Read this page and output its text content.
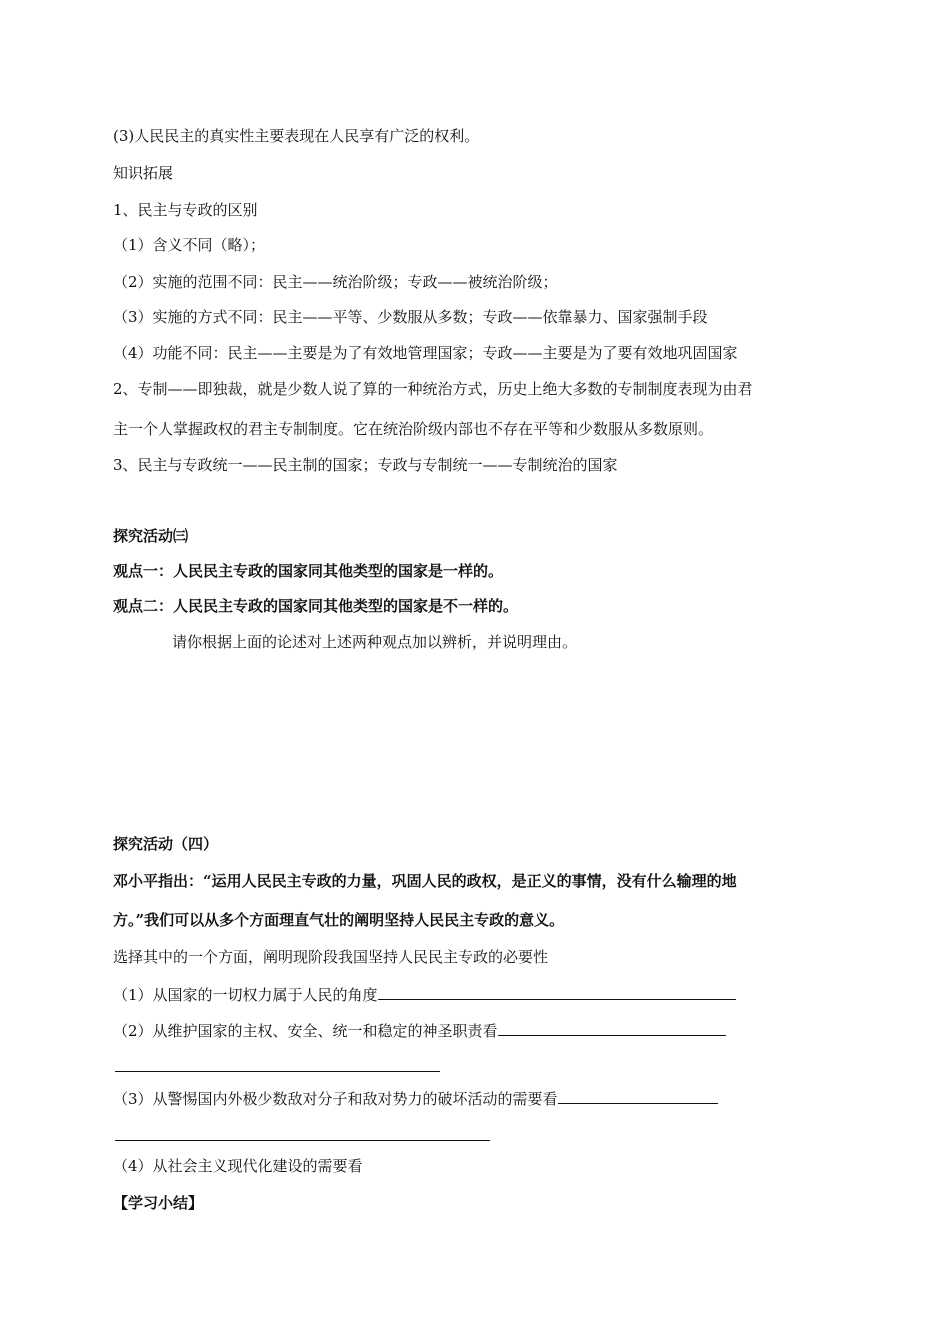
(3)人民民主的真实性主要表现在人民享有广泛的权利。
知识拓展
1、民主与专政的区别
（1）含义不同（略）；
（2）实施的范围不同：民主——统治阶级；专政——被统治阶级；
（3）实施的方式不同：民主——平等、少数服从多数；专政——依靠暴力、国家强制手段
（4）功能不同：民主——主要是为了有效地管理国家；专政——主要是为了要有效地巩固国家
2、专制——即独裁，就是少数人说了算的一种统治方式，历史上绝大多数的专制制度表现为由君
主一个人掌握政权的君主专制制度。它在统治阶级内部也不存在平等和少数服从多数原则。
3、民主与专政统一——民主制的国家；专政与专制统一——专制统治的国家
探究活动㈢
观点一：人民民主专政的国家同其他类型的国家是一样的。
观点二：人民民主专政的国家同其他类型的国家是不一样的。
请你根据上面的论述对上述两种观点加以辨析，并说明理由。
探究活动（四）
邓小平指出：“运用人民民主专政的力量，巩固人民的政权，是正义的事情，没有什么输理的地
方。”我们可以从多个方面理直气壮的阐明坚持人民民主专政的意义。
选择其中的一个方面，阐明现阶段我国坚持人民民主专政的必要性
（1）从国家的一切权力属于人民的角度
（2）从维护国家的主权、安全、统一和稳定的神圣职责看
（3）从警惕国内外极少数敌对分子和敌对势力的破坏活动的需要看
（4）从社会主义现代化建设的需要看
【学习小结】
